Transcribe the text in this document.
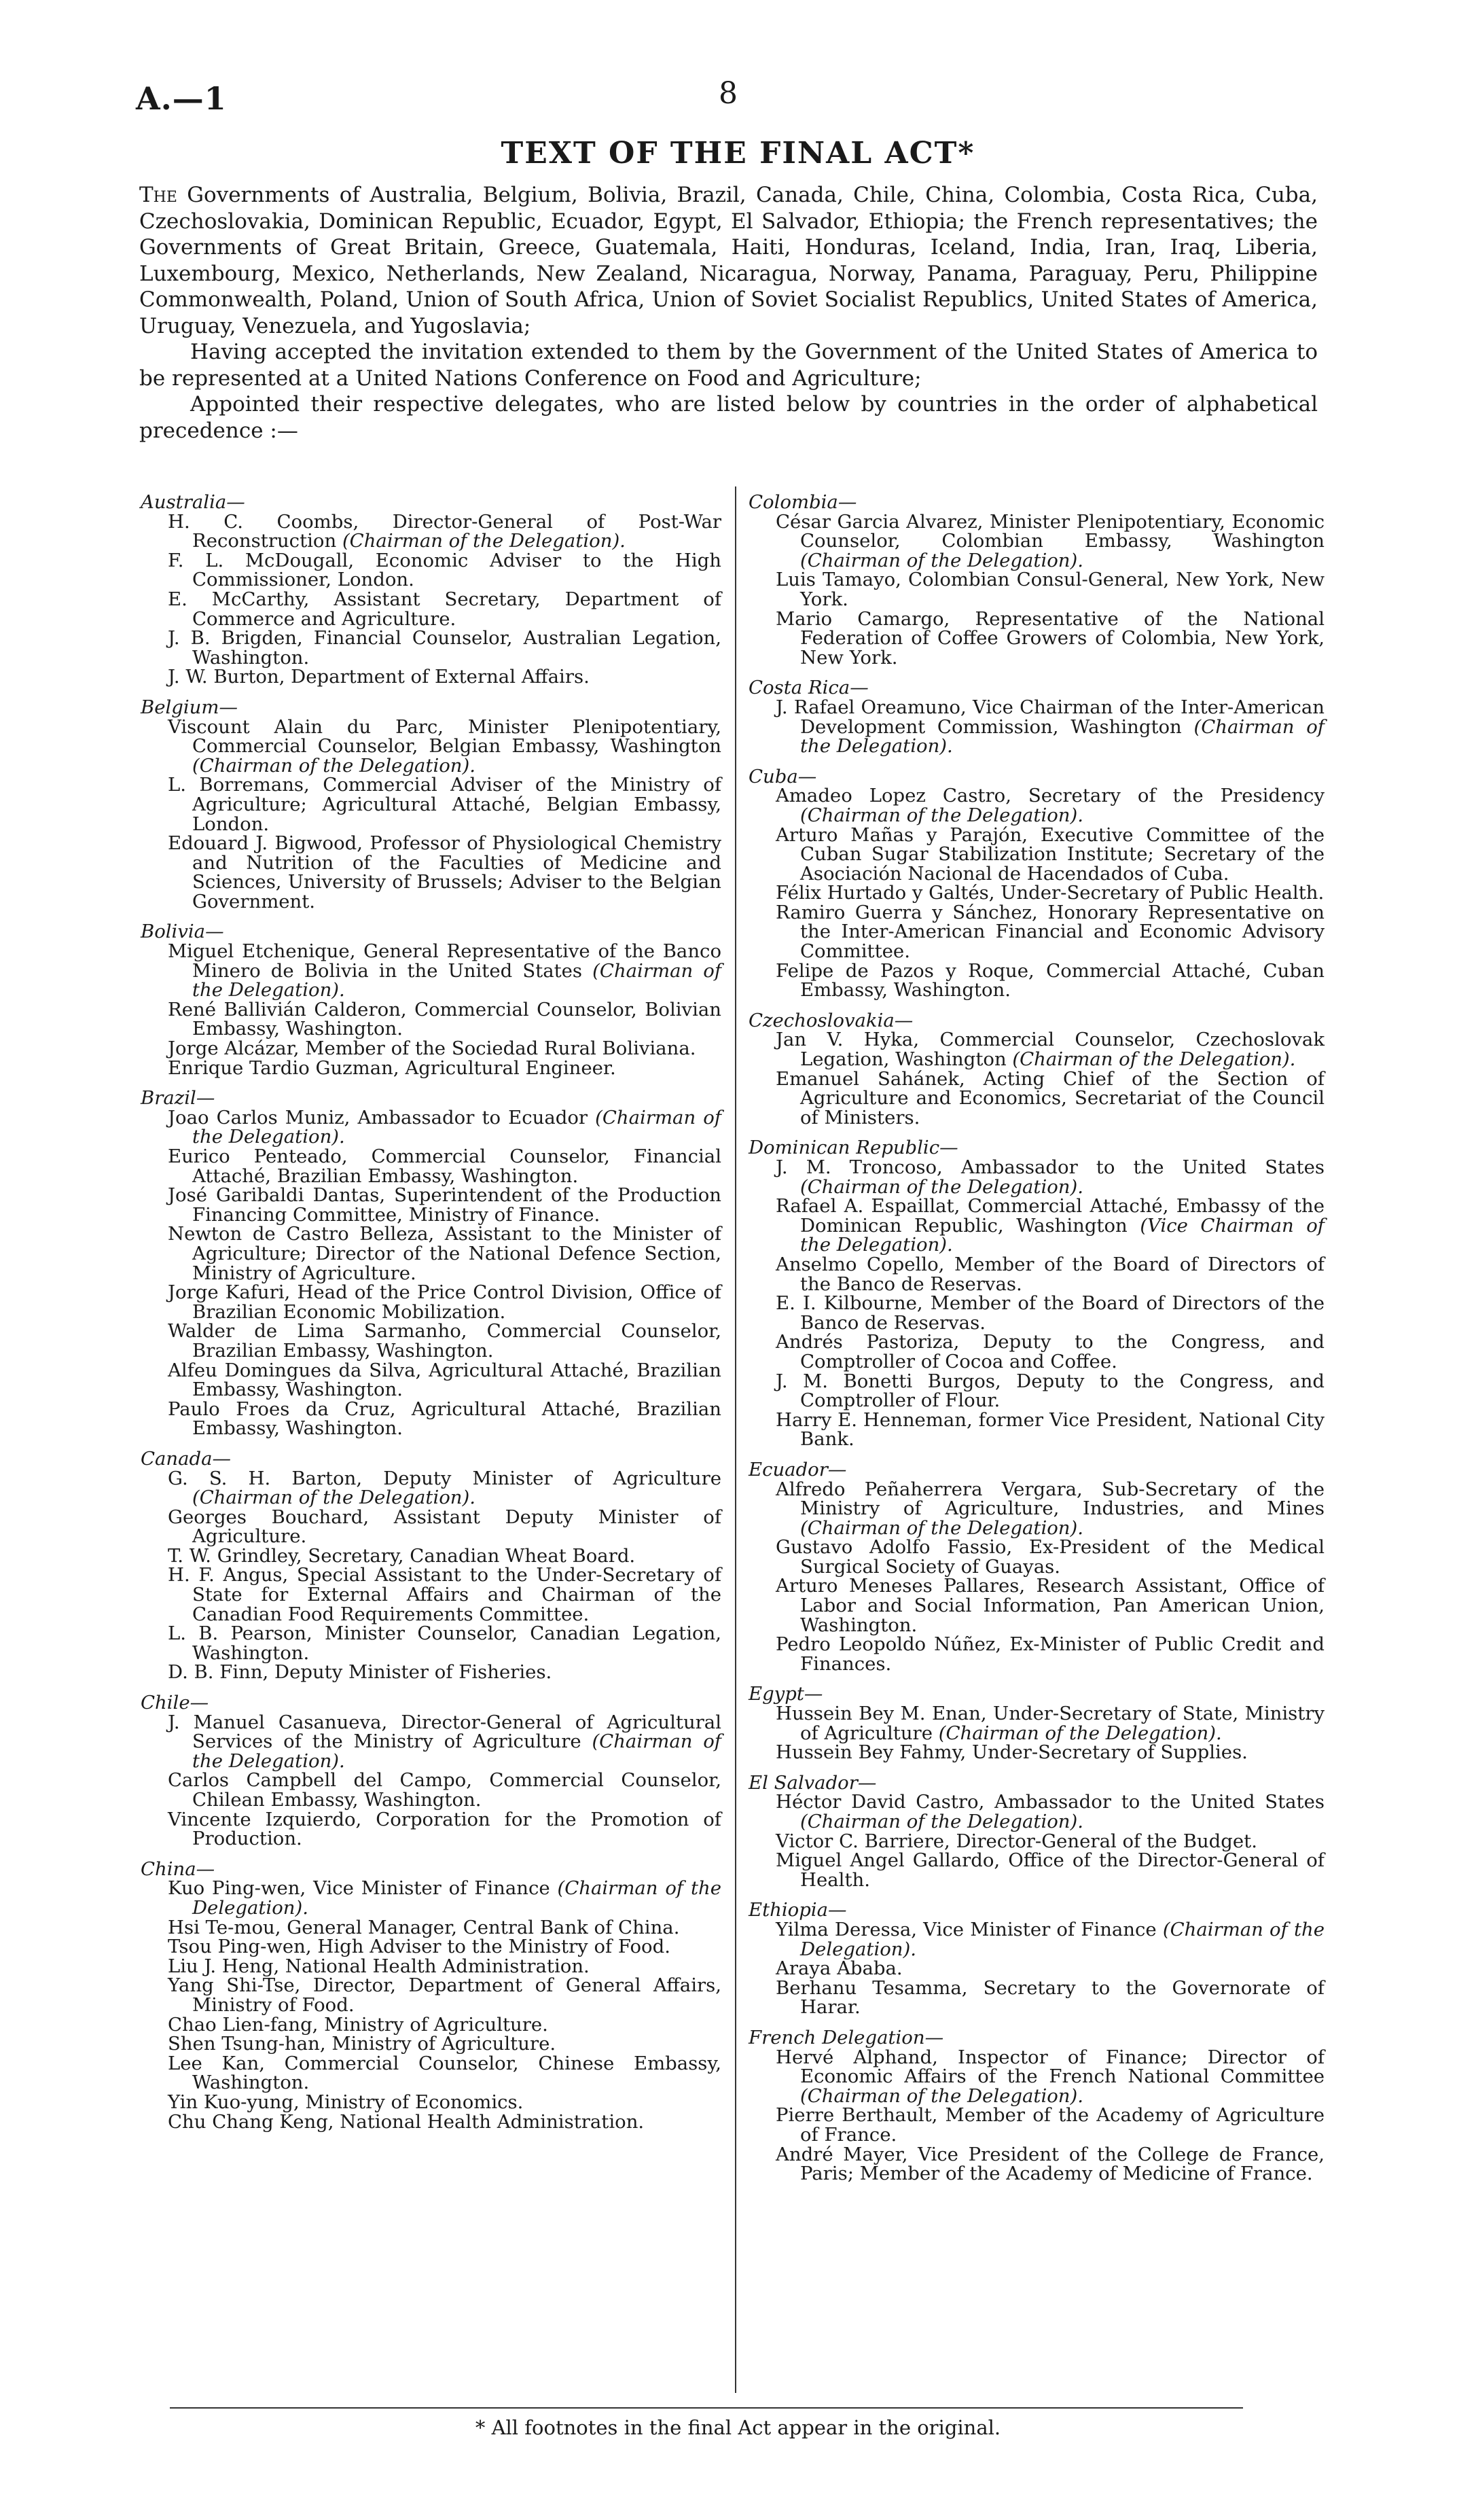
A.—1	8
TEXT OF THE FINAL ACT*

The Governments of Australia, Belgium, Bolivia, Brazil, Canada, Chile, China, Colombia, Costa Rica, Cuba, Czechoslovakia, Dominican Republic, Ecuador, Egypt, El Salvador, Ethiopia; the French representatives; the Governments of Great Britain, Greece, Guatemala, Haiti, Honduras, Iceland, India, Iran, Iraq, Liberia, Luxembourg, Mexico, Netherlands, New Zealand, Nicaragua, Norway, Panama, Paraguay, Peru, Philippine Commonwealth, Poland, Union of South Africa, Union of Soviet Socialist Republics, United States of America, Uruguay, Venezuela, and Yugoslavia;

Having accepted the invitation extended to them by the Government of the United States of America to be represented at a United Nations Conference on Food and Agriculture;

Appointed their respective delegates, who are listed below by countries in the order of alphabetical precedence :—

Australia—
H. C. Coombs, Director-General of Post-War Reconstruction (Chairman of the Delegation).
F. L. McDougall, Economic Adviser to the High Commissioner, London.
E. McCarthy, Assistant Secretary, Department of Commerce and Agriculture.
J. B. Brigden, Financial Counselor, Australian Legation, Washington.
J. W. Burton, Department of External Affairs.
Belgium—
Viscount Alain du Parc, Minister Plenipotentiary, Commercial Counselor, Belgian Embassy, Washington (Chairman of the Delegation).
L. Borremans, Commercial Adviser of the Ministry of Agriculture; Agricultural Attaché, Belgian Embassy, London.
Edouard J. Bigwood, Professor of Physiological Chemistry and Nutrition of the Faculties of Medicine and Sciences, University of Brussels; Adviser to the Belgian Government.
Bolivia—
Miguel Etchenique, General Representative of the Banco Minero de Bolivia in the United States (Chairman of the Delegation).
René Ballivián Calderon, Commercial Counselor, Bolivian Embassy, Washington.
Jorge Alcázar, Member of the Sociedad Rural Boliviana.
Enrique Tardio Guzman, Agricultural Engineer.
Brazil—
Joao Carlos Muniz, Ambassador to Ecuador (Chairman of the Delegation).
Eurico Penteado, Commercial Counselor, Financial Attaché, Brazilian Embassy, Washington.
José Garibaldi Dantas, Superintendent of the Production Financing Committee, Ministry of Finance.
Newton de Castro Belleza, Assistant to the Minister of Agriculture; Director of the National Defence Section, Ministry of Agriculture.
Jorge Kafuri, Head of the Price Control Division, Office of Brazilian Economic Mobilization.
Walder de Lima Sarmanho, Commercial Counselor, Brazilian Embassy, Washington.
Alfeu Domingues da Silva, Agricultural Attaché, Brazilian Embassy, Washington.
Paulo Froes da Cruz, Agricultural Attaché, Brazilian Embassy, Washington.
Canada—
G. S. H. Barton, Deputy Minister of Agriculture (Chairman of the Delegation).
Georges Bouchard, Assistant Deputy Minister of Agriculture.
T. W. Grindley, Secretary, Canadian Wheat Board.
H. F. Angus, Special Assistant to the Under-Secretary of State for External Affairs and Chairman of the Canadian Food Requirements Committee.
L. B. Pearson, Minister Counselor, Canadian Legation, Washington.
D. B. Finn, Deputy Minister of Fisheries.
Chile—
J. Manuel Casanueva, Director-General of Agricultural Services of the Ministry of Agriculture (Chairman of the Delegation).
Carlos Campbell del Campo, Commercial Counselor, Chilean Embassy, Washington.
Vincente Izquierdo, Corporation for the Promotion of Production.
China—
Kuo Ping-wen, Vice Minister of Finance (Chairman of the Delegation).
Hsi Te-mou, General Manager, Central Bank of China.
Tsou Ping-wen, High Adviser to the Ministry of Food.
Liu J. Heng, National Health Administration.
Yang Shi-Tse, Director, Department of General Affairs, Ministry of Food.
Chao Lien-fang, Ministry of Agriculture.
Shen Tsung-han, Ministry of Agriculture.
Lee Kan, Commercial Counselor, Chinese Embassy, Washington.
Yin Kuo-yung, Ministry of Economics.
Chu Chang Keng, National Health Administration.
Colombia—
César Garcia Alvarez, Minister Plenipotentiary, Economic Counselor, Colombian Embassy, Washington (Chairman of the Delegation).
Luis Tamayo, Colombian Consul-General, New York, New York.
Mario Camargo, Representative of the National Federation of Coffee Growers of Colombia, New York, New York.
Costa Rica—
J. Rafael Oreamuno, Vice Chairman of the Inter-American Development Commission, Washington (Chairman of the Delegation).
Cuba—
Amadeo Lopez Castro, Secretary of the Presidency (Chairman of the Delegation).
Arturo Mañas y Parajón, Executive Committee of the Cuban Sugar Stabilization Institute; Secretary of the Asociación Nacional de Hacendados of Cuba.
Félix Hurtado y Galtés, Under-Secretary of Public Health.
Ramiro Guerra y Sánchez, Honorary Representative on the Inter-American Financial and Economic Advisory Committee.
Felipe de Pazos y Roque, Commercial Attaché, Cuban Embassy, Washington.
Czechoslovakia—
Jan V. Hyka, Commercial Counselor, Czechoslovak Legation, Washington (Chairman of the Delegation).
Emanuel Sahánek, Acting Chief of the Section of Agriculture and Economics, Secretariat of the Council of Ministers.
Dominican Republic—
J. M. Troncoso, Ambassador to the United States (Chairman of the Delegation).
Rafael A. Espaillat, Commercial Attaché, Embassy of the Dominican Republic, Washington (Vice Chairman of the Delegation).
Anselmo Copello, Member of the Board of Directors of the Banco de Reservas.
E. I. Kilbourne, Member of the Board of Directors of the Banco de Reservas.
Andrés Pastoriza, Deputy to the Congress, and Comptroller of Cocoa and Coffee.
J. M. Bonetti Burgos, Deputy to the Congress, and Comptroller of Flour.
Harry E. Henneman, former Vice President, National City Bank.
Ecuador—
Alfredo Peñaherrera Vergara, Sub-Secretary of the Ministry of Agriculture, Industries, and Mines (Chairman of the Delegation).
Gustavo Adolfo Fassio, Ex-President of the Medical Surgical Society of Guayas.
Arturo Meneses Pallares, Research Assistant, Office of Labor and Social Information, Pan American Union, Washington.
Pedro Leopoldo Núñez, Ex-Minister of Public Credit and Finances.
Egypt—
Hussein Bey M. Enan, Under-Secretary of State, Ministry of Agriculture (Chairman of the Delegation).
Hussein Bey Fahmy, Under-Secretary of Supplies.
El Salvador—
Héctor David Castro, Ambassador to the United States (Chairman of the Delegation).
Victor C. Barriere, Director-General of the Budget.
Miguel Angel Gallardo, Office of the Director-General of Health.
Ethiopia—
Yilma Deressa, Vice Minister of Finance (Chairman of the Delegation).
Araya Ababa.
Berhanu Tesamma, Secretary to the Governorate of Harar.
French Delegation—
Hervé Alphand, Inspector of Finance; Director of Economic Affairs of the French National Committee (Chairman of the Delegation).
Pierre Berthault, Member of the Academy of Agriculture of France.
André Mayer, Vice President of the College de France, Paris; Member of the Academy of Medicine of France.
* All footnotes in the final Act appear in the original.
